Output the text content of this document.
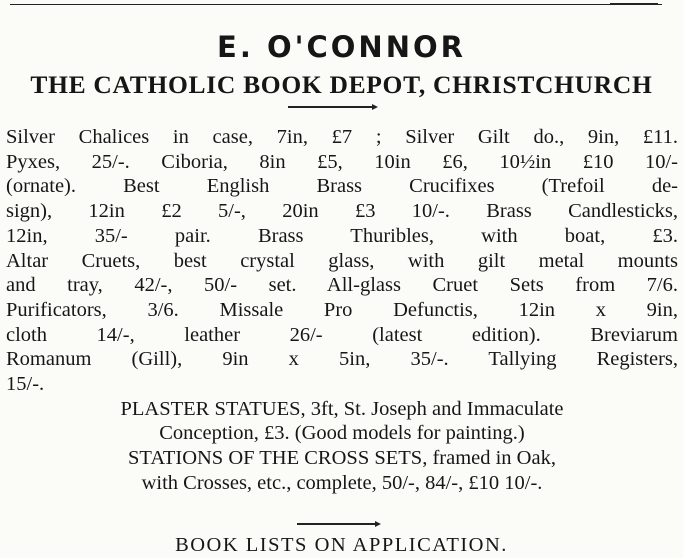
E. O'CONNOR
THE CATHOLIC BOOK DEPOT, CHRISTCHURCH
Silver Chalices in case, 7in, £7 ; Silver Gilt do., 9in, £11.
Pyxes, 25/-. Ciboria, 8in £5, 10in £6, 10½in £10 10/-
(ornate). Best English Brass Crucifixes (Trefoil de-
sign), 12in £2 5/-, 20in £3 10/-. Brass Candlesticks,
12in, 35/- pair. Brass Thuribles, with boat, £3.
Altar Cruets, best crystal glass, with gilt metal mounts
and tray, 42/-, 50/- set. All-glass Cruet Sets from 7/6.
Purificators, 3/6. Missale Pro Defunctis, 12in x 9in,
cloth 14/-, leather 26/- (latest edition). Breviarum
Romanum (Gill), 9in x 5in, 35/-. Tallying Registers,
15/-.
PLASTER STATUES, 3ft, St. Joseph and Immaculate
Conception, £3. (Good models for painting.)
STATIONS OF THE CROSS SETS, framed in Oak,
with Crosses, etc., complete, 50/-, 84/-, £10 10/-.
BOOK LISTS ON APPLICATION.
